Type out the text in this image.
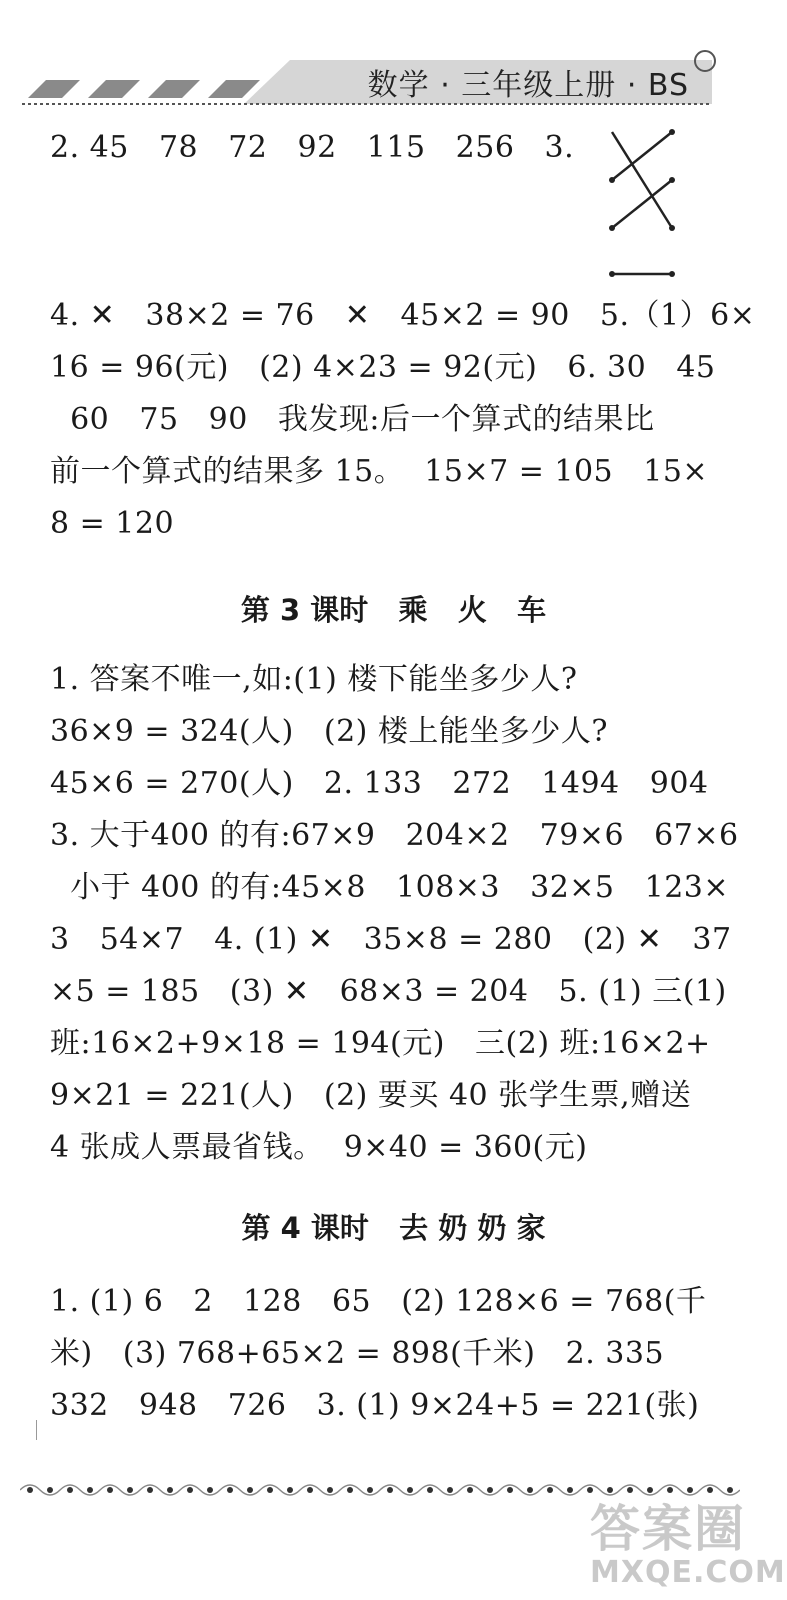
数学 · 三年级上册 · BS
2. 45   78   72   92   115   256   3.
4. ✕   38×2 = 76   ✕   45×2 = 90   5.（1）6×
16 = 96(元)   (2) 4×23 = 92(元)   6. 30   45
60   75   90   我发现:后一个算式的结果比
前一个算式的结果多 15。  15×7 = 105   15×
8 = 120
第 3 课时   乘   火   车
1. 答案不唯一,如:(1) 楼下能坐多少人?
36×9 = 324(人)   (2) 楼上能坐多少人?
45×6 = 270(人)   2. 133   272   1494   904
3. 大于400 的有:67×9   204×2   79×6   67×6
小于 400 的有:45×8   108×3   32×5   123×
3   54×7   4. (1) ✕   35×8 = 280   (2) ✕   37
×5 = 185   (3) ✕   68×3 = 204   5. (1) 三(1)
班:16×2+9×18 = 194(元)   三(2) 班:16×2+
9×21 = 221(人)   (2) 要买 40 张学生票,赠送
4 张成人票最省钱。  9×40 = 360(元)
第 4 课时   去 奶 奶 家
1. (1) 6   2   128   65   (2) 128×6 = 768(千
米)   (3) 768+65×2 = 898(千米)   2. 335
332   948   726   3. (1) 9×24+5 = 221(张)
答案圈
MXQE.COM
